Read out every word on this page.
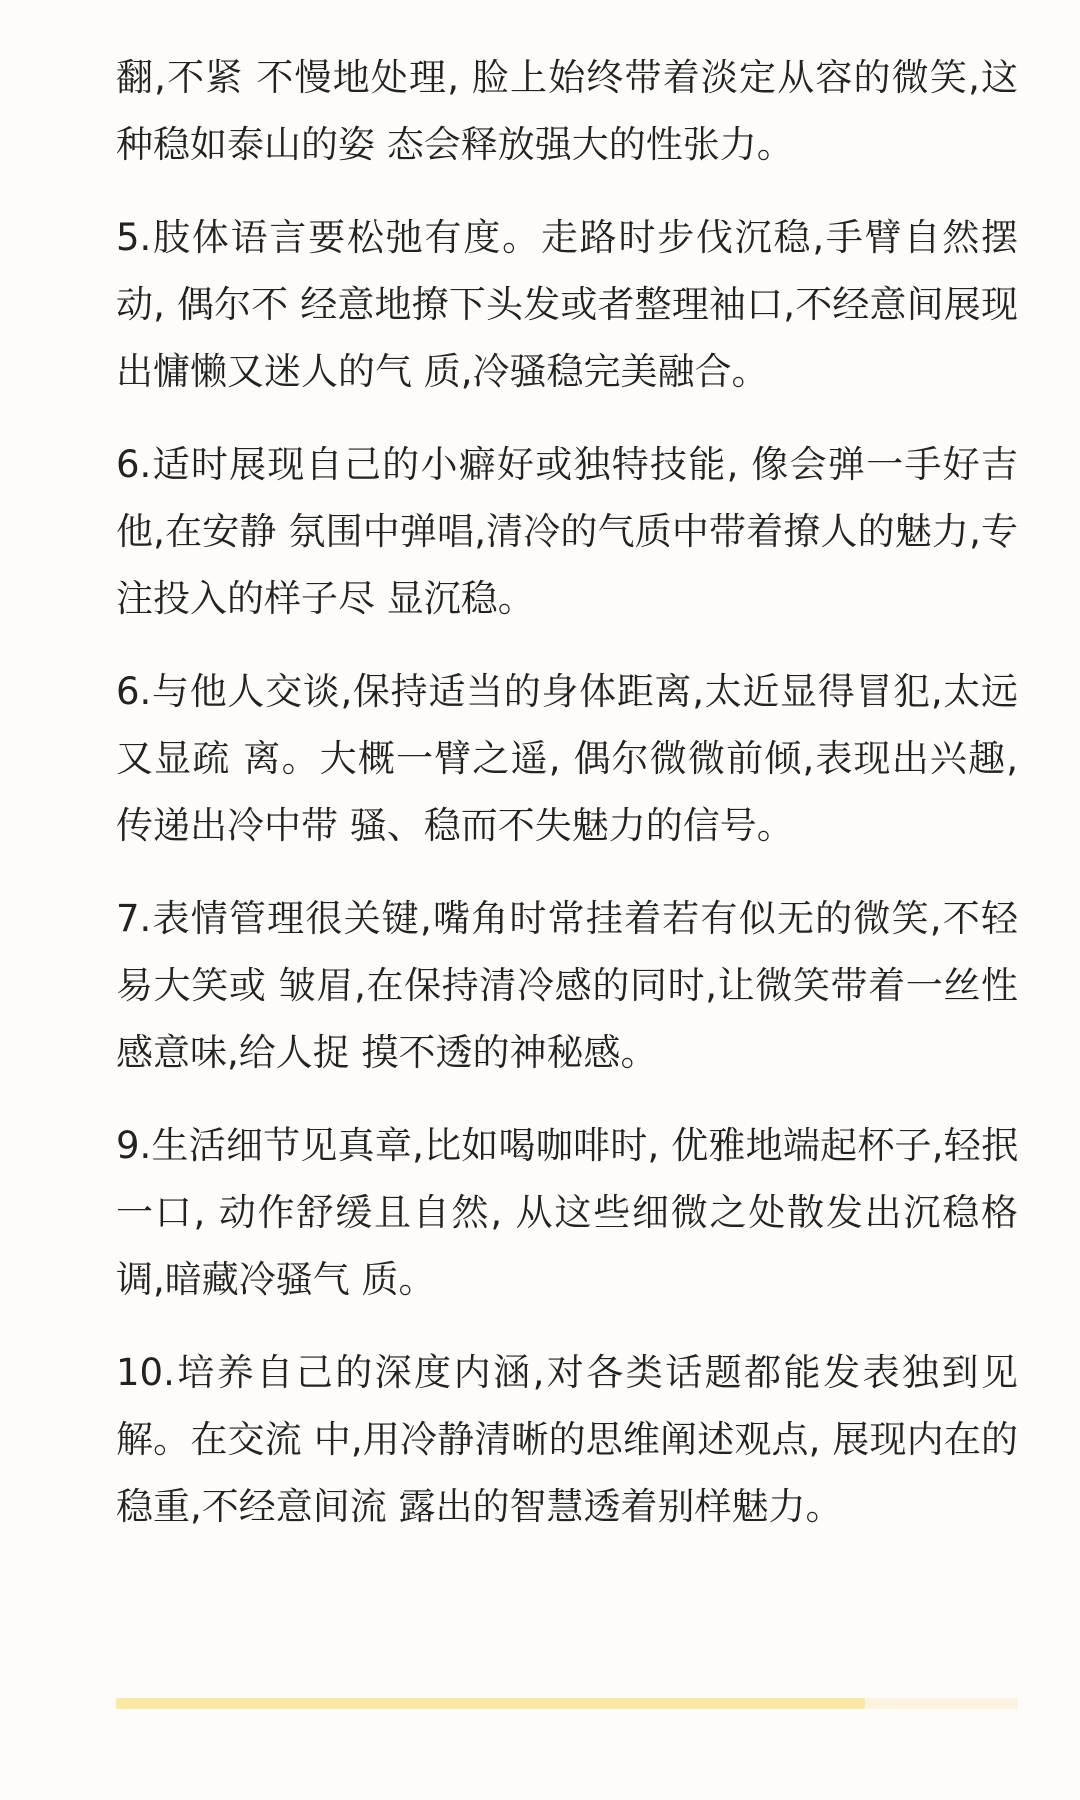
翻,不紧 不慢地处理, 脸上始终带着淡定从容的微笑,这种稳如泰山的姿 态会释放强大的性张力。

5.肢体语言要松弛有度。走路时步伐沉稳,手臂自然摆动, 偶尔不 经意地撩下头发或者整理袖口,不经意间展现出慵懒又迷人的气 质,冷骚稳完美融合。

6.适时展现自己的小癖好或独特技能, 像会弹一手好吉他,在安静 氛围中弹唱,清冷的气质中带着撩人的魅力,专注投入的样子尽 显沉稳。

6.与他人交谈,保持适当的身体距离,太近显得冒犯,太远又显疏 离。大概一臂之遥, 偶尔微微前倾,表现出兴趣, 传递出冷中带 骚、稳而不失魅力的信号。

7.表情管理很关键,嘴角时常挂着若有似无的微笑,不轻易大笑或 皱眉,在保持清冷感的同时,让微笑带着一丝性感意味,给人捉 摸不透的神秘感。

9.生活细节见真章,比如喝咖啡时, 优雅地端起杯子,轻抿一口, 动作舒缓且自然, 从这些细微之处散发出沉稳格调,暗藏冷骚气 质。

10.培养自己的深度内涵,对各类话题都能发表独到见解。在交流 中,用冷静清晰的思维阐述观点, 展现内在的稳重,不经意间流 露出的智慧透着别样魅力。
